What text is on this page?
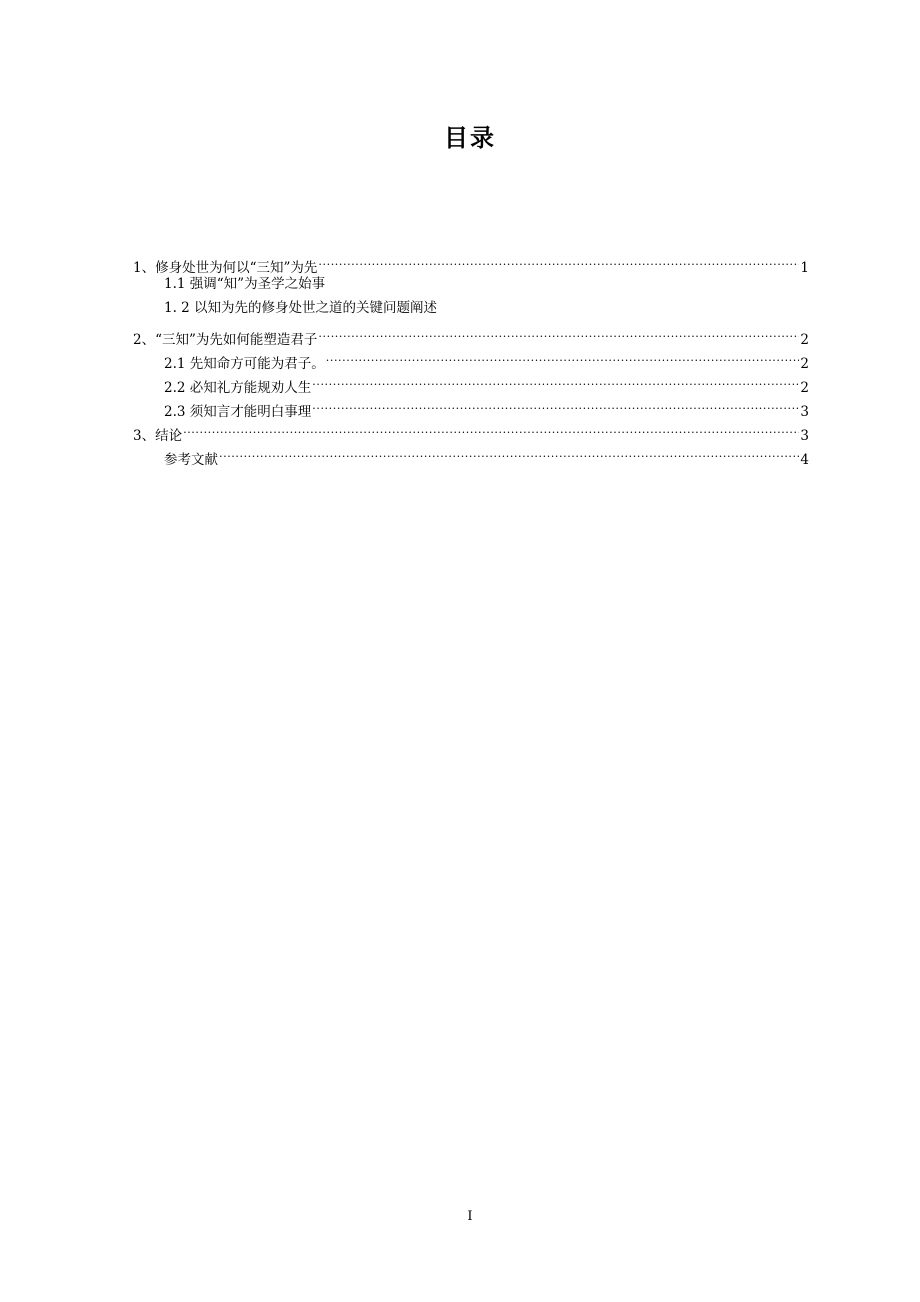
目录
1、修身处世为何以“三知”为先 .....	1
1.1 强调“知”为圣学之始事
1. 2 以知为先的修身处世之道的关键问题阐述
2、“三知”为先如何能塑造君子 .....	2
2.1 先知命方可能为君子。 .....	2
2.2 必知礼方能规劝人生 .....	2
2.3 须知言才能明白事理 .....	3
3、结论 .....	3
参考文献 .....	4
I
